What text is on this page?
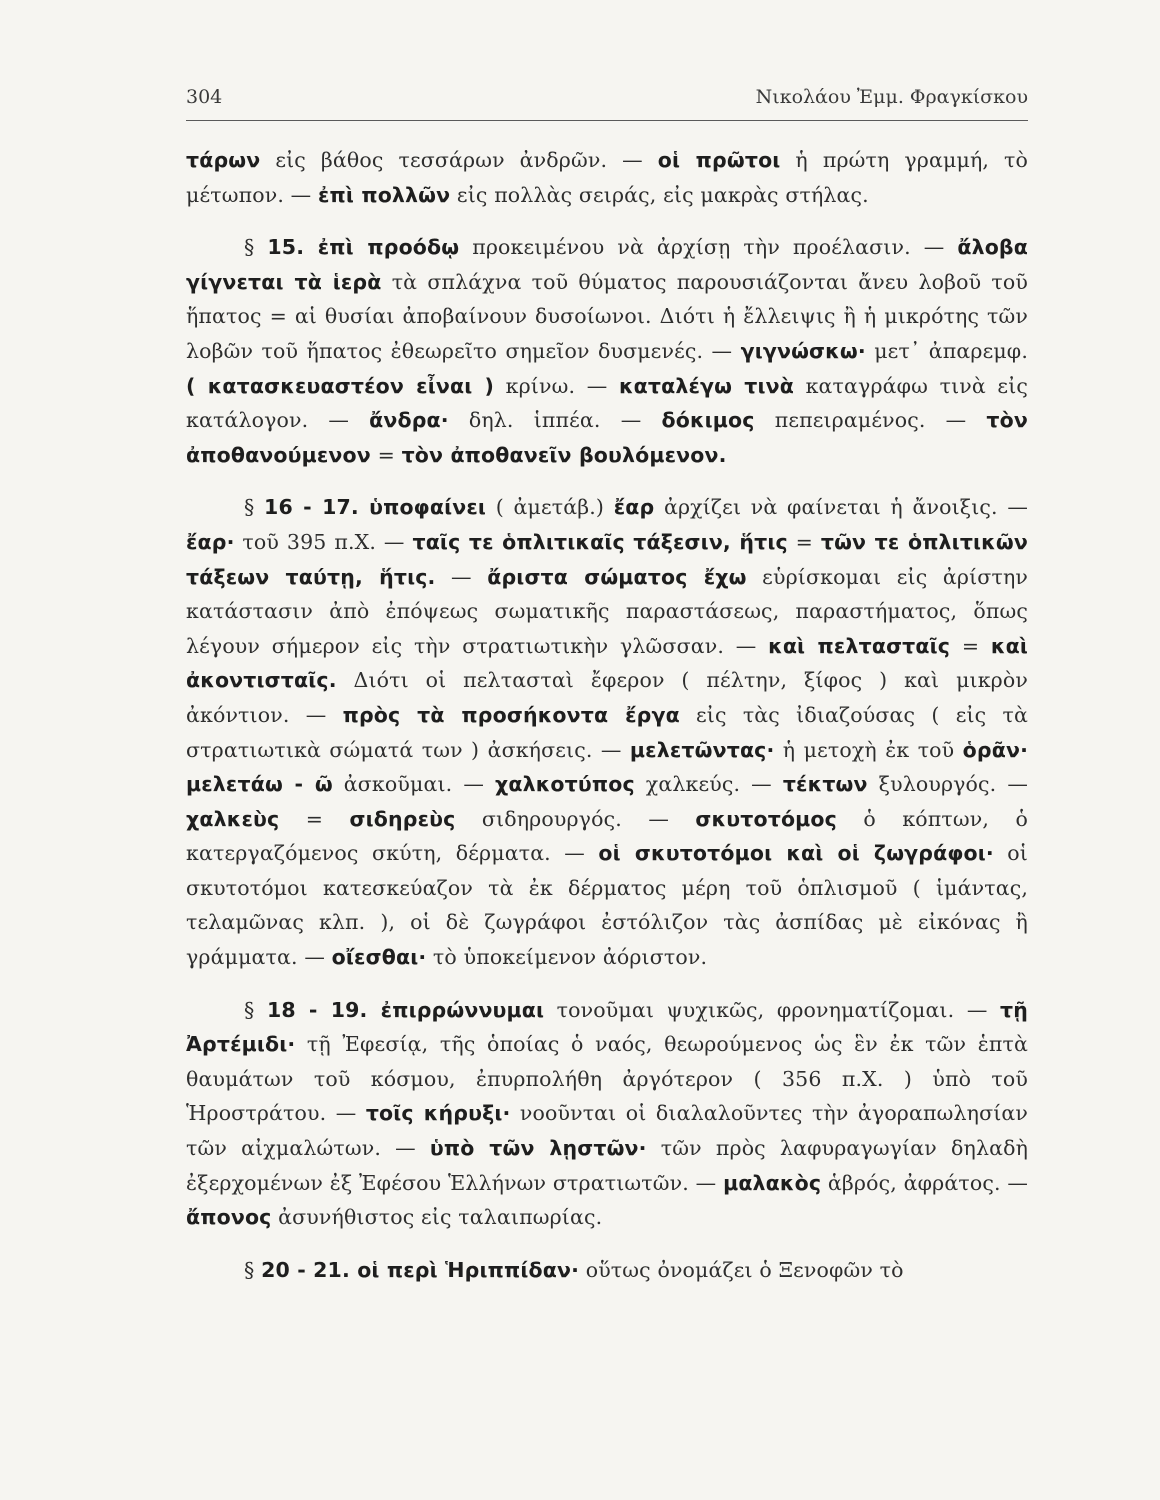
304	Νικολάου Ἐμμ. Φραγκίσκου

τάρων εἰς βάθος τεσσάρων ἀνδρῶν. — οἱ πρῶτοι ἡ πρώτη γραμμή, τὸ μέτωπον. — ἐπὶ πολλῶν εἰς πολλὰς σειράς, εἰς μακρὰς στήλας.

§ 15. ἐπὶ προόδῳ προκειμένου νὰ ἀρχίσῃ τὴν προέλασιν. — ἄλοβα γίγνεται τὰ ἱερὰ τὰ σπλάχνα τοῦ θύματος παρουσιάζονται ἄνευ λοβοῦ τοῦ ἥπατος = αἱ θυσίαι ἀποβαίνουν δυσοίωνοι. Διότι ἡ ἔλλειψις ἢ ἡ μικρότης τῶν λοβῶν τοῦ ἥπατος ἐθεωρεῖτο σημεῖον δυσμενές. — γιγνώσκω· μετ᾽ ἀπαρεμφ. ( κατασκευαστέον εἶναι ) κρίνω. — καταλέγω τινὰ καταγράφω τινὰ εἰς κατάλογον. — ἄνδρα· δηλ. ἱππέα. — δόκιμος πεπειραμένος. — τὸν ἀποθανούμενον = τὸν ἀποθανεῖν βουλόμενον.

§ 16 - 17. ὑποφαίνει ( ἀμετάβ.) ἔαρ ἀρχίζει νὰ φαίνεται ἡ ἄνοιξις. — ἔαρ· τοῦ 395 π.Χ. — ταῖς τε ὁπλιτικαῖς τάξεσιν, ἥτις = τῶν τε ὁπλιτικῶν τάξεων ταύτῃ, ἥτις. — ἄριστα σώματος ἔχω εὑρίσκομαι εἰς ἀρίστην κατάστασιν ἀπὸ ἐπόψεως σωματικῆς παραστάσεως, παραστήματος, ὅπως λέγουν σήμερον εἰς τὴν στρατιωτικὴν γλῶσσαν. — καὶ πελτασταῖς = καὶ ἀκοντισταῖς. Διότι οἱ πελτασταὶ ἔφερον ( πέλτην, ξίφος ) καὶ μικρὸν ἀκόντιον. — πρὸς τὰ προσήκοντα ἔργα εἰς τὰς ἰδιαζούσας ( εἰς τὰ στρατιωτικὰ σώματά των ) ἀσκήσεις. — μελετῶντας· ἡ μετοχὴ ἐκ τοῦ ὁρᾶν· μελετάω - ῶ ἀσκοῦμαι. — χαλκοτύπος χαλκεύς. — τέκτων ξυλουργός. — χαλκεὺς = σιδηρεὺς σιδηρουργός. — σκυτοτόμος ὁ κόπτων, ὁ κατεργαζόμενος σκύτη, δέρματα. — οἱ σκυτοτόμοι καὶ οἱ ζωγράφοι· οἱ σκυτοτόμοι κατεσκεύαζον τὰ ἐκ δέρματος μέρη τοῦ ὁπλισμοῦ ( ἱμάντας, τελαμῶνας κλπ. ), οἱ δὲ ζωγράφοι ἐστόλιζον τὰς ἀσπίδας μὲ εἰκόνας ἢ γράμματα. — οἴεσθαι· τὸ ὑποκείμενον ἀόριστον.

§ 18 - 19. ἐπιρρώννυμαι τονοῦμαι ψυχικῶς, φρονηματίζομαι. — τῇ Ἀρτέμιδι· τῇ Ἐφεσίᾳ, τῆς ὁποίας ὁ ναός, θεωρούμενος ὡς ἓν ἐκ τῶν ἑπτὰ θαυμάτων τοῦ κόσμου, ἐπυρπολήθη ἀργότερον ( 356 π.Χ. ) ὑπὸ τοῦ Ἡροστράτου. — τοῖς κήρυξι· νοοῦνται οἱ διαλαλοῦντες τὴν ἀγοραπωλησίαν τῶν αἰχμαλώτων. — ὑπὸ τῶν λῃστῶν· τῶν πρὸς λαφυραγωγίαν δηλαδὴ ἐξερχομένων ἐξ Ἐφέσου Ἑλλήνων στρατιωτῶν. — μαλακὸς ἁβρός, ἀφράτος. — ἄπονος ἀσυνήθιστος εἰς ταλαιπωρίας.

§ 20 - 21. οἱ περὶ Ἡριππίδαν· οὕτως ὀνομάζει ὁ Ξενοφῶν τὸ
